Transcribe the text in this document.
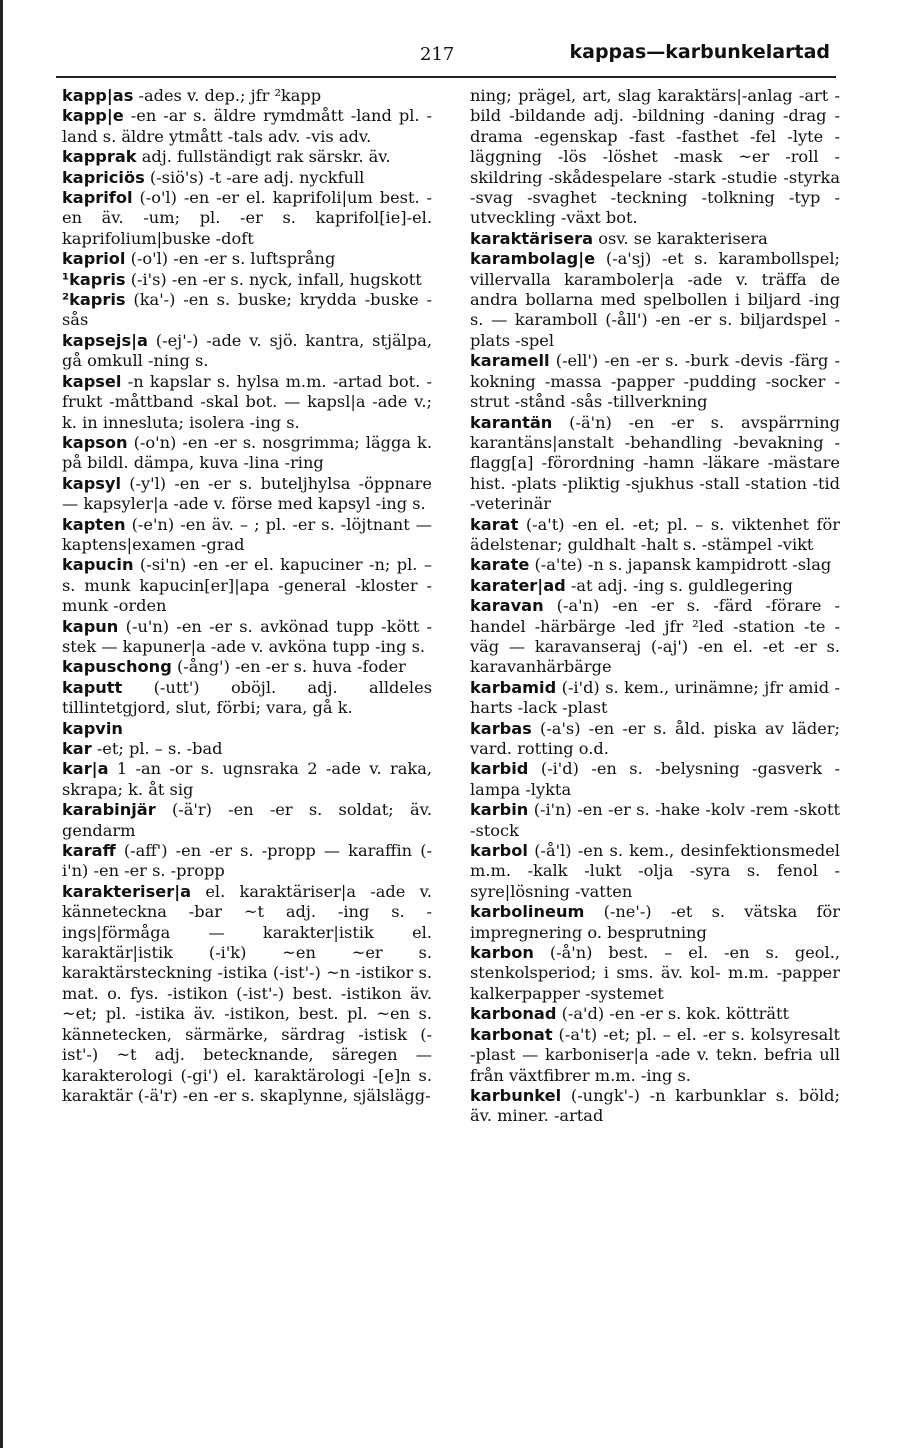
217	kappas—karbunkelartad

kapp|as -ades v. dep.; jfr ²kapp

kapp|e -en -ar s. äldre rymdmått -land pl. -land s. äldre ytmått -tals adv. -vis adv.

kapprak adj. fullständigt rak särskr. äv.

kapriciös (-siö's) -t -are adj. nyckfull

kaprifol (-o'l) -en -er el. kaprifoli|um best. -en äv. -um; pl. -er s. kaprifol[ie]-el. kaprifolium|buske -doft

kapriol (-o'l) -en -er s. luftsprång

¹kapris (-i's) -en -er s. nyck, infall, hugskott

²kapris (ka'-) -en s. buske; krydda -buske -sås

kapsejs|a (-ej'-) -ade v. sjö. kantra, stjälpa, gå omkull -ning s.

kapsel -n kapslar s. hylsa m.m. -artad bot. -frukt -måttband -skal bot. — kapsl|a -ade v.; k. in innesluta; isolera -ing s.

kapson (-o'n) -en -er s. nosgrimma; lägga k. på bildl. dämpa, kuva -lina -ring

kapsyl (-y'l) -en -er s. buteljhylsa -öppnare — kapsyler|a -ade v. förse med kapsyl -ing s.

kapten (-e'n) -en äv. – ; pl. -er s. -löjtnant — kaptens|examen -grad

kapucin (-si'n) -en -er el. kapuciner -n; pl. – s. munk kapucin[er]|apa -general -kloster -munk -orden

kapun (-u'n) -en -er s. avkönad tupp -kött -stek — kapuner|a -ade v. avköna tupp -ing s.

kapuschong (-ång') -en -er s. huva -foder

kaputt (-utt') oböjl. adj. alldeles tillintetgjord, slut, förbi; vara, gå k.

kapvin

kar -et; pl. – s. -bad

kar|a 1 -an -or s. ugnsraka 2 -ade v. raka, skrapa; k. åt sig

karabinjär (-ä'r) -en -er s. soldat; äv. gendarm

karaff (-aff') -en -er s. -propp — karaffin (-i'n) -en -er s. -propp

karakteriser|a el. karaktäriser|a -ade v. känneteckna -bar ~t adj. -ing s. -ings|förmåga — karakter|istik el. karaktär|istik (-i'k) ~en ~er s. karaktärsteckning -istika (-ist'-) ~n -istikor s. mat. o. fys. -istikon (-ist'-) best. -istikon äv. ~et; pl. -istika äv. -istikon, best. pl. ~en s. kännetecken, särmärke, särdrag -istisk (-ist'-) ~t adj. betecknande, säregen — karakterologi (-gi') el. karaktärologi -[e]n s. karaktär (-ä'r) -en -er s. skaplynne, själslägg-

ning; prägel, art, slag karaktärs|-anlag -art -bild -bildande adj. -bildning -daning -drag -drama -egenskap -fast -fasthet -fel -lyte -läggning -lös -löshet -mask ~er -roll -skildring -skådespelare -stark -studie -styrka -svag -svaghet -teckning -tolkning -typ -utveckling -växt bot.

karaktärisera osv. se karakterisera

karambolag|e (-a'sj) -et s. karambollspel; villervalla karamboler|a -ade v. träffa de andra bollarna med spelbollen i biljard -ing s. — karamboll (-åll') -en -er s. biljardspel -plats -spel

karamell (-ell') -en -er s. -burk -devis -färg -kokning -massa -papper -pudding -socker -strut -stånd -sås -tillverkning

karantän (-ä'n) -en -er s. avspärrning karantäns|anstalt -behandling -bevakning -flagg[a] -förordning -hamn -läkare -mästare hist. -plats -pliktig -sjukhus -stall -station -tid -veterinär

karat (-a't) -en el. -et; pl. – s. viktenhet för ädelstenar; guldhalt -halt s. -stämpel -vikt

karate (-a'te) -n s. japansk kampidrott -slag

karater|ad -at adj. -ing s. guldlegering

karavan (-a'n) -en -er s. -färd -förare -handel -härbärge -led jfr ²led -station -te -väg — karavanseraj (-aj') -en el. -et -er s. karavanhärbärge

karbamid (-i'd) s. kem., urinämne; jfr amid -harts -lack -plast

karbas (-a's) -en -er s. åld. piska av läder; vard. rotting o.d.

karbid (-i'd) -en s. -belysning -gasverk -lampa -lykta

karbin (-i'n) -en -er s. -hake -kolv -rem -skott -stock

karbol (-å'l) -en s. kem., desinfektionsmedel m.m. -kalk -lukt -olja -syra s. fenol -syre|lösning -vatten

karbolineum (-ne'-) -et s. vätska för impregnering o. besprutning

karbon (-å'n) best. – el. -en s. geol., stenkolsperiod; i sms. äv. kol- m.m. -papper kalkerpapper -systemet

karbonad (-a'd) -en -er s. kok. kötträtt

karbonat (-a't) -et; pl. – el. -er s. kolsyresalt -plast — karboniser|a -ade v. tekn. befria ull från växtfibrer m.m. -ing s.

karbunkel (-ungk'-) -n karbunklar s. böld; äv. miner. -artad
